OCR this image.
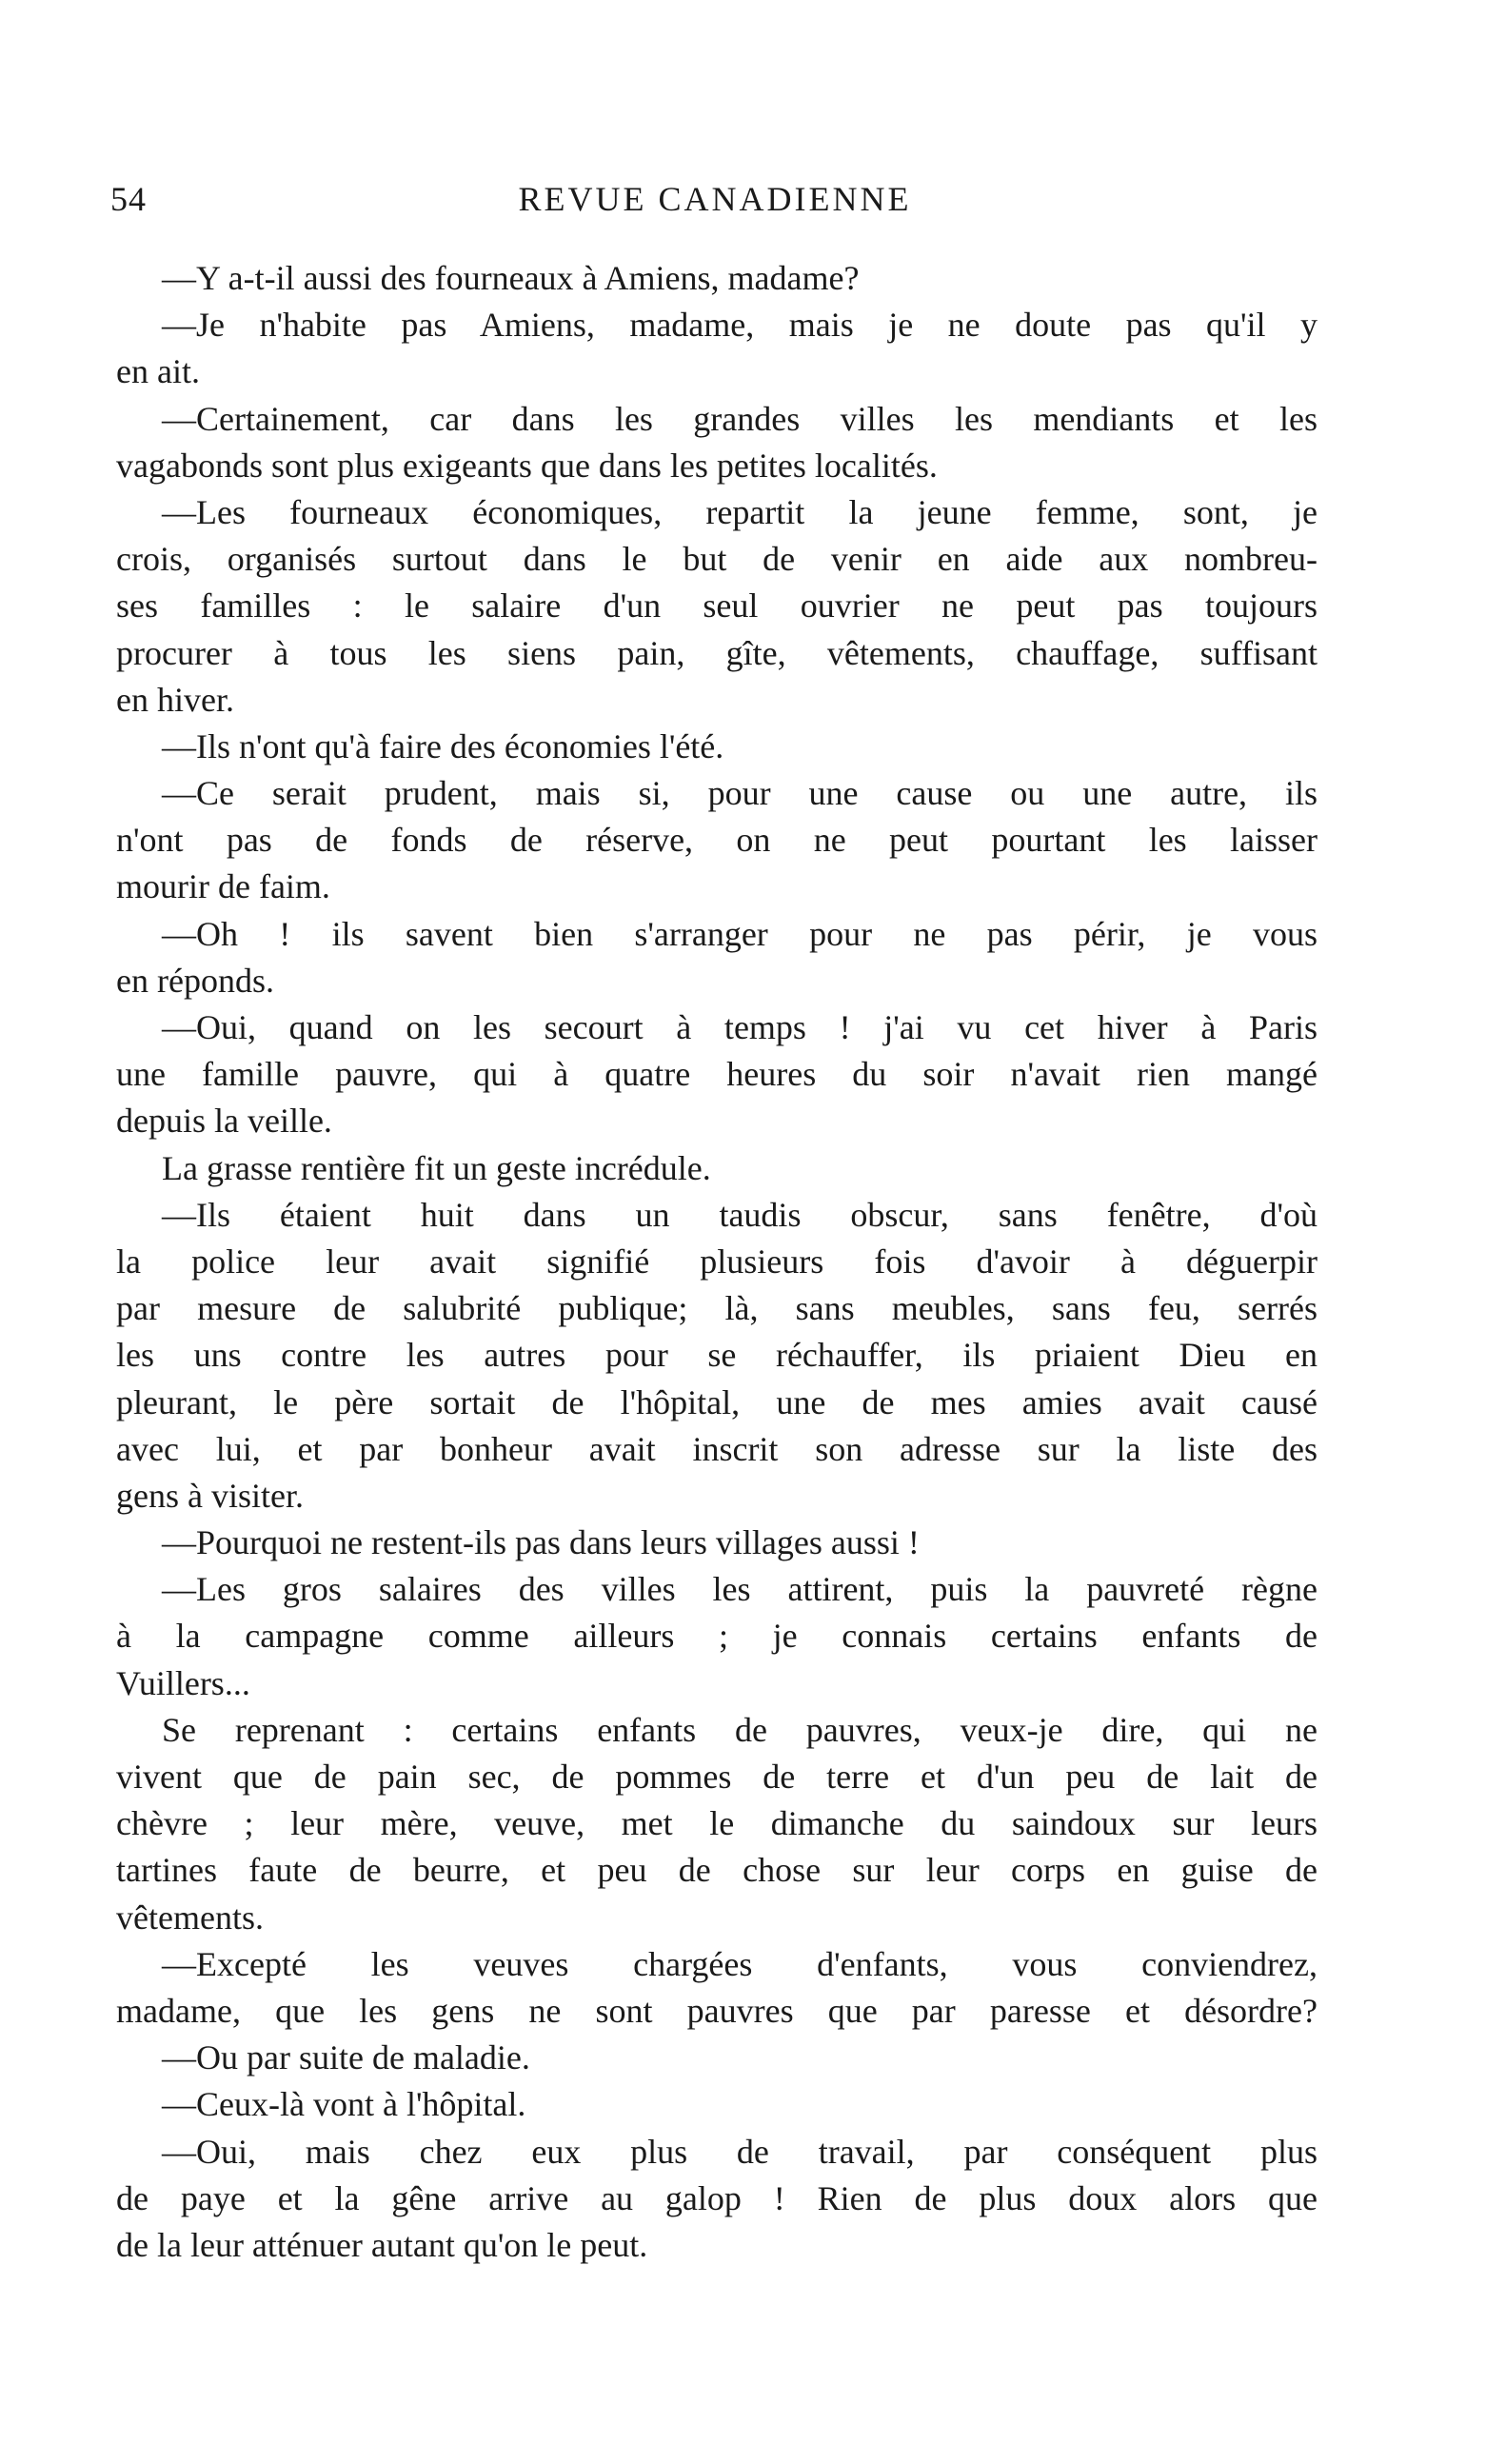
54	REVUE CANADIENNE
—Y a-t-il aussi des fourneaux à Amiens, madame?
—Je n'habite pas Amiens, madame, mais je ne doute pas qu'il y
en ait.
—Certainement, car dans les grandes villes les mendiants et les
vagabonds sont plus exigeants que dans les petites localités.
—Les fourneaux économiques, repartit la jeune femme, sont, je
crois, organisés surtout dans le but de venir en aide aux nombreu-
ses familles : le salaire d'un seul ouvrier ne peut pas toujours
procurer à tous les siens pain, gîte, vêtements, chauffage, suffisant
en hiver.
—Ils n'ont qu'à faire des économies l'été.
—Ce serait prudent, mais si, pour une cause ou une autre, ils
n'ont pas de fonds de réserve, on ne peut pourtant les laisser
mourir de faim.
—Oh ! ils savent bien s'arranger pour ne pas périr, je vous
en réponds.
—Oui, quand on les secourt à temps ! j'ai vu cet hiver à Paris
une famille pauvre, qui à quatre heures du soir n'avait rien mangé
depuis la veille.
La grasse rentière fit un geste incrédule.
—Ils étaient huit dans un taudis obscur, sans fenêtre, d'où
la police leur avait signifié plusieurs fois d'avoir à déguerpir
par mesure de salubrité publique; là, sans meubles, sans feu, serrés
les uns contre les autres pour se réchauffer, ils priaient Dieu en
pleurant, le père sortait de l'hôpital, une de mes amies avait causé
avec lui, et par bonheur avait inscrit son adresse sur la liste des
gens à visiter.
—Pourquoi ne restent-ils pas dans leurs villages aussi !
—Les gros salaires des villes les attirent, puis la pauvreté règne
à la campagne comme ailleurs ; je connais certains enfants de
Vuillers...
Se reprenant : certains enfants de pauvres, veux-je dire, qui ne
vivent que de pain sec, de pommes de terre et d'un peu de lait de
chèvre ; leur mère, veuve, met le dimanche du saindoux sur leurs
tartines faute de beurre, et peu de chose sur leur corps en guise de
vêtements.
—Excepté les veuves chargées d'enfants, vous conviendrez,
madame, que les gens ne sont pauvres que par paresse et désordre?
—Ou par suite de maladie.
—Ceux-là vont à l'hôpital.
—Oui, mais chez eux plus de travail, par conséquent plus
de paye et la gêne arrive au galop ! Rien de plus doux alors que
de la leur atténuer autant qu'on le peut.
